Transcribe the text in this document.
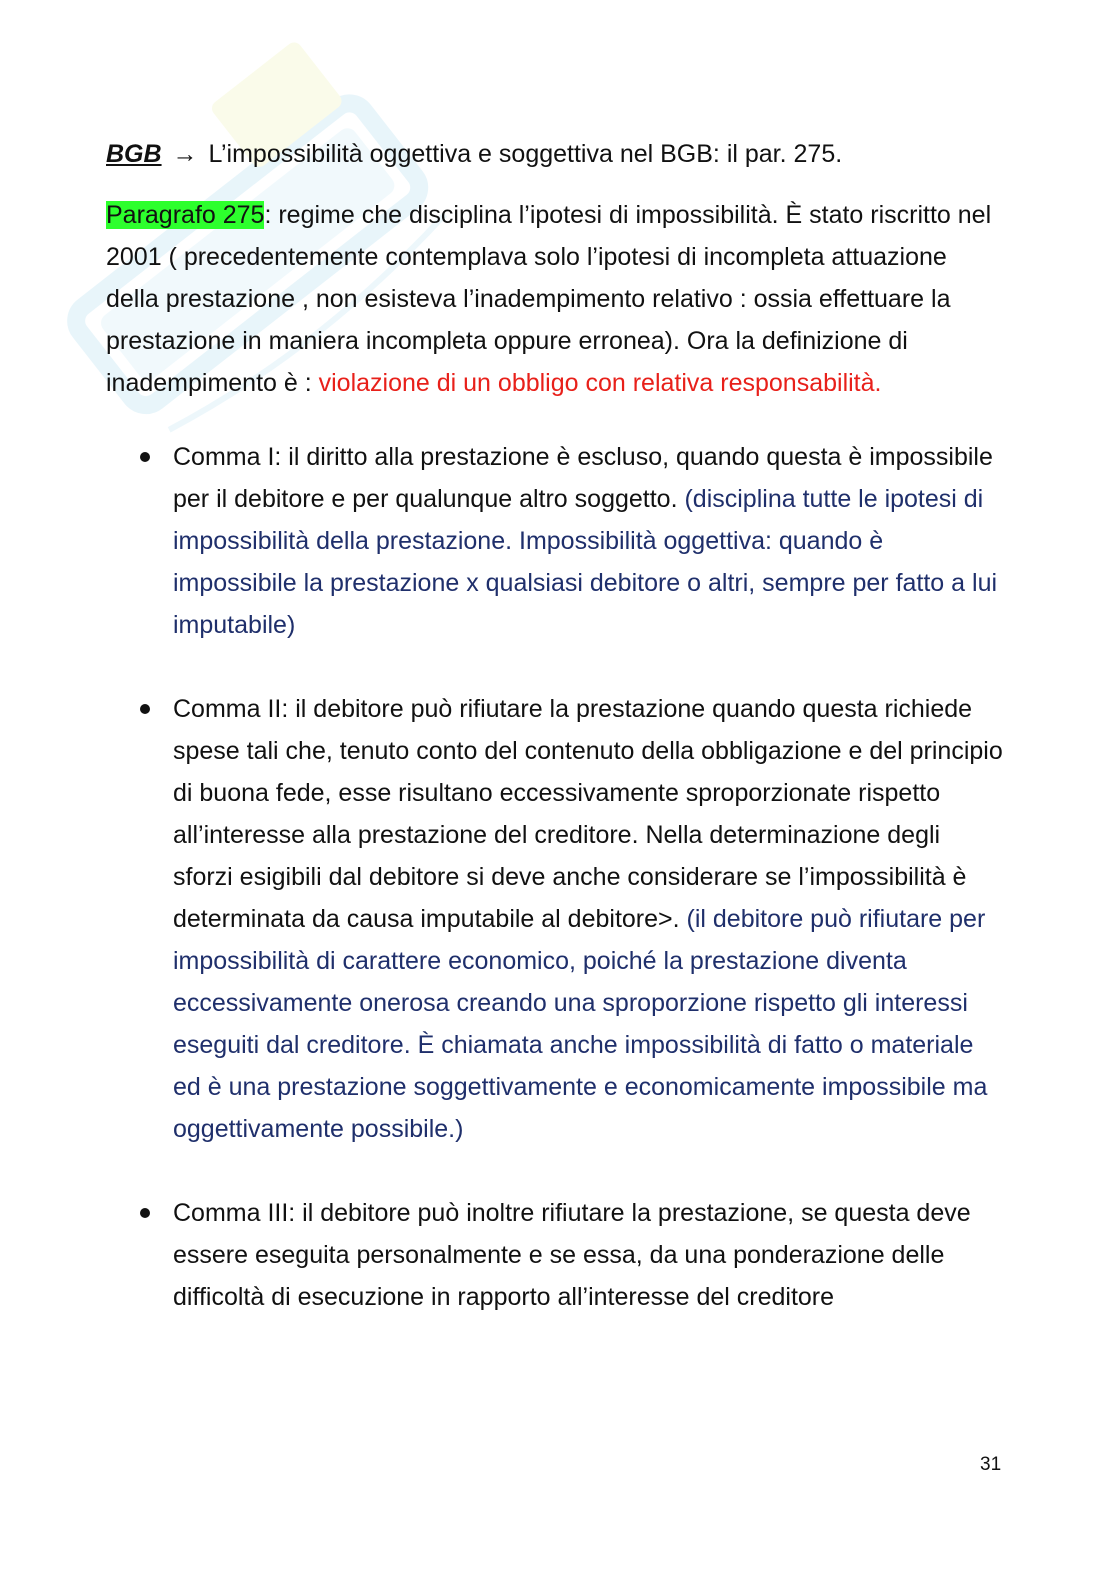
BGB → L’impossibilità oggettiva e soggettiva nel BGB: il par. 275.

Paragrafo 275: regime che disciplina l’ipotesi di impossibilità. È stato riscritto nel 2001 ( precedentemente contemplava solo l’ipotesi di incompleta attuazione della prestazione , non esisteva l’inadempimento relativo : ossia effettuare la prestazione in maniera incompleta oppure erronea). Ora la definizione di inadempimento è : violazione di un obbligo con relativa responsabilità.

Comma I: il diritto alla prestazione è escluso, quando questa è impossibile per il debitore e per qualunque altro soggetto. (disciplina tutte le ipotesi di impossibilità della prestazione. Impossibilità oggettiva: quando è impossibile la prestazione x qualsiasi debitore o altri, sempre per fatto a lui imputabile)
Comma II: il debitore può rifiutare la prestazione quando questa richiede spese tali che, tenuto conto del contenuto della obbligazione e del principio di buona fede, esse risultano eccessivamente sproporzionate rispetto all’interesse alla prestazione del creditore. Nella determinazione degli sforzi esigibili dal debitore si deve anche considerare se l’impossibilità è determinata da causa imputabile al debitore>. (il debitore può rifiutare per impossibilità di carattere economico, poiché la prestazione diventa eccessivamente onerosa creando una sproporzione rispetto gli interessi eseguiti dal creditore. È chiamata anche impossibilità di fatto o materiale ed è una prestazione soggettivamente e economicamente impossibile ma oggettivamente possibile.)
Comma III: il debitore può inoltre rifiutare la prestazione, se questa deve essere eseguita personalmente e se essa, da una ponderazione delle difficoltà di esecuzione in rapporto all’interesse del creditore
31
